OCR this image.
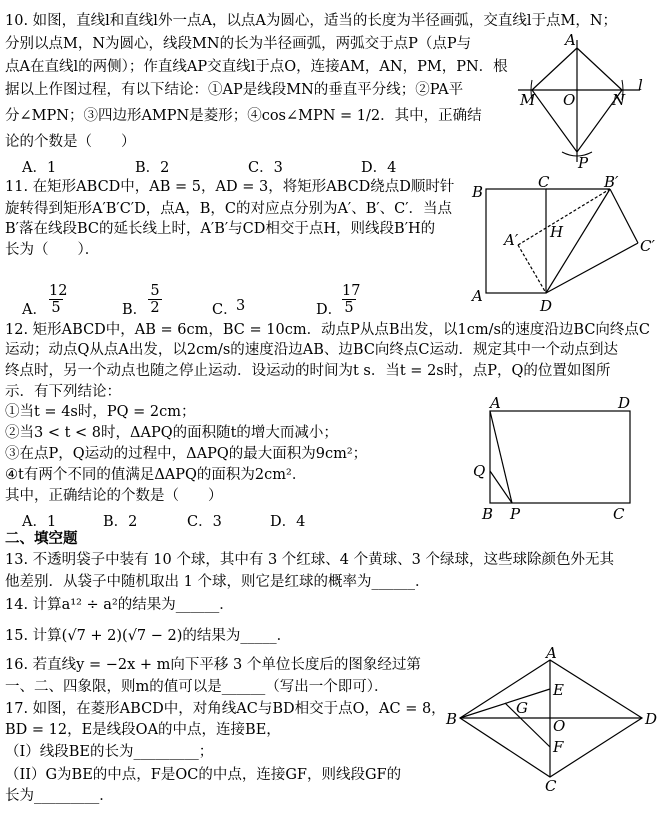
10. 如图，直线l和直线l外一点A，以点A为圆心，适当的长度为半径画弧，交直线l于点M，N；
分别以点M，N为圆心，线段MN的长为半径画弧，两弧交于点P（点P与
点A在直线l的两侧）；作直线AP交直线l于点O，连接AM，AN，PM，PN．根
据以上作图过程，有以下结论：①AP是线段MN的垂直平分线；②PA平
分∠MPN；③四边形AMPN是菱形；④cos∠MPN = 1/2．其中，正确结
论的个数是（　　）
A．1	B．2	C．3	D．4
A
M O N
l
P
11. 在矩形ABCD中，AB = 5，AD = 3，将矩形ABCD绕点D顺时针
旋转得到矩形A′B′C′D，点A，B，C的对应点分别为A′、B′、C′．当点
B′落在线段BC的延长线上时，A′B′与CD相交于点H，则线段B′H的
长为（　　）．
A． $\frac{12}{5}$	B． $\frac{5}{2}$	C．
3	D． $\frac{17}{5}$
B
C	B′
A′ H
C′
A
D
12. 矩形ABCD中，AB = 6cm，BC = 10cm．动点P从点B出发，以1cm/s的速度沿边BC向终点C
运动；动点Q从点A出发，以2cm/s的速度沿边AB、边BC向终点C运动．规定其中一个动点到达
终点时，另一个动点也随之停止运动．设运动的时间为t s．当t = 2s时，点P，Q的位置如图所
示．有下列结论：
①当t = 4s时，PQ = 2cm；
②当3 < t < 8时，ΔAPQ的面积随t的增大而减小；
③在点P，Q运动的过程中，ΔAPQ的最大面积为9cm²；
④t有两个不同的值满足ΔAPQ的面积为2cm²．
其中，正确结论的个数是（　　）
A．1	B．2	C．3	D．4
A	D
Q
B P	C
二、填空题
13. 不透明袋子中装有 10 个球，其中有 3 个红球、4 个黄球、3 个绿球，这些球除颜色外无其
他差别．从袋子中随机取出 1 个球，则它是红球的概率为______．
14. 计算a¹² ÷ a²的结果为______．
15. 计算(√7 + 2)(√7 − 2)的结果为_____．
16. 若直线y = −2x + m向下平移 3 个单位长度后的图象经过第
一、二、四象限，则m的值可以是______（写出一个即可）．
17. 如图，在菱形ABCD中，对角线AC与BD相交于点O，AC = 8，
BD = 12，E是线段OA的中点，连接BE，
（I）线段BE的长为_________；
（II）G为BE的中点，F是OC的中点，连接GF，则线段GF的
长为_________．
A
E
B
G
D
O
F
C
